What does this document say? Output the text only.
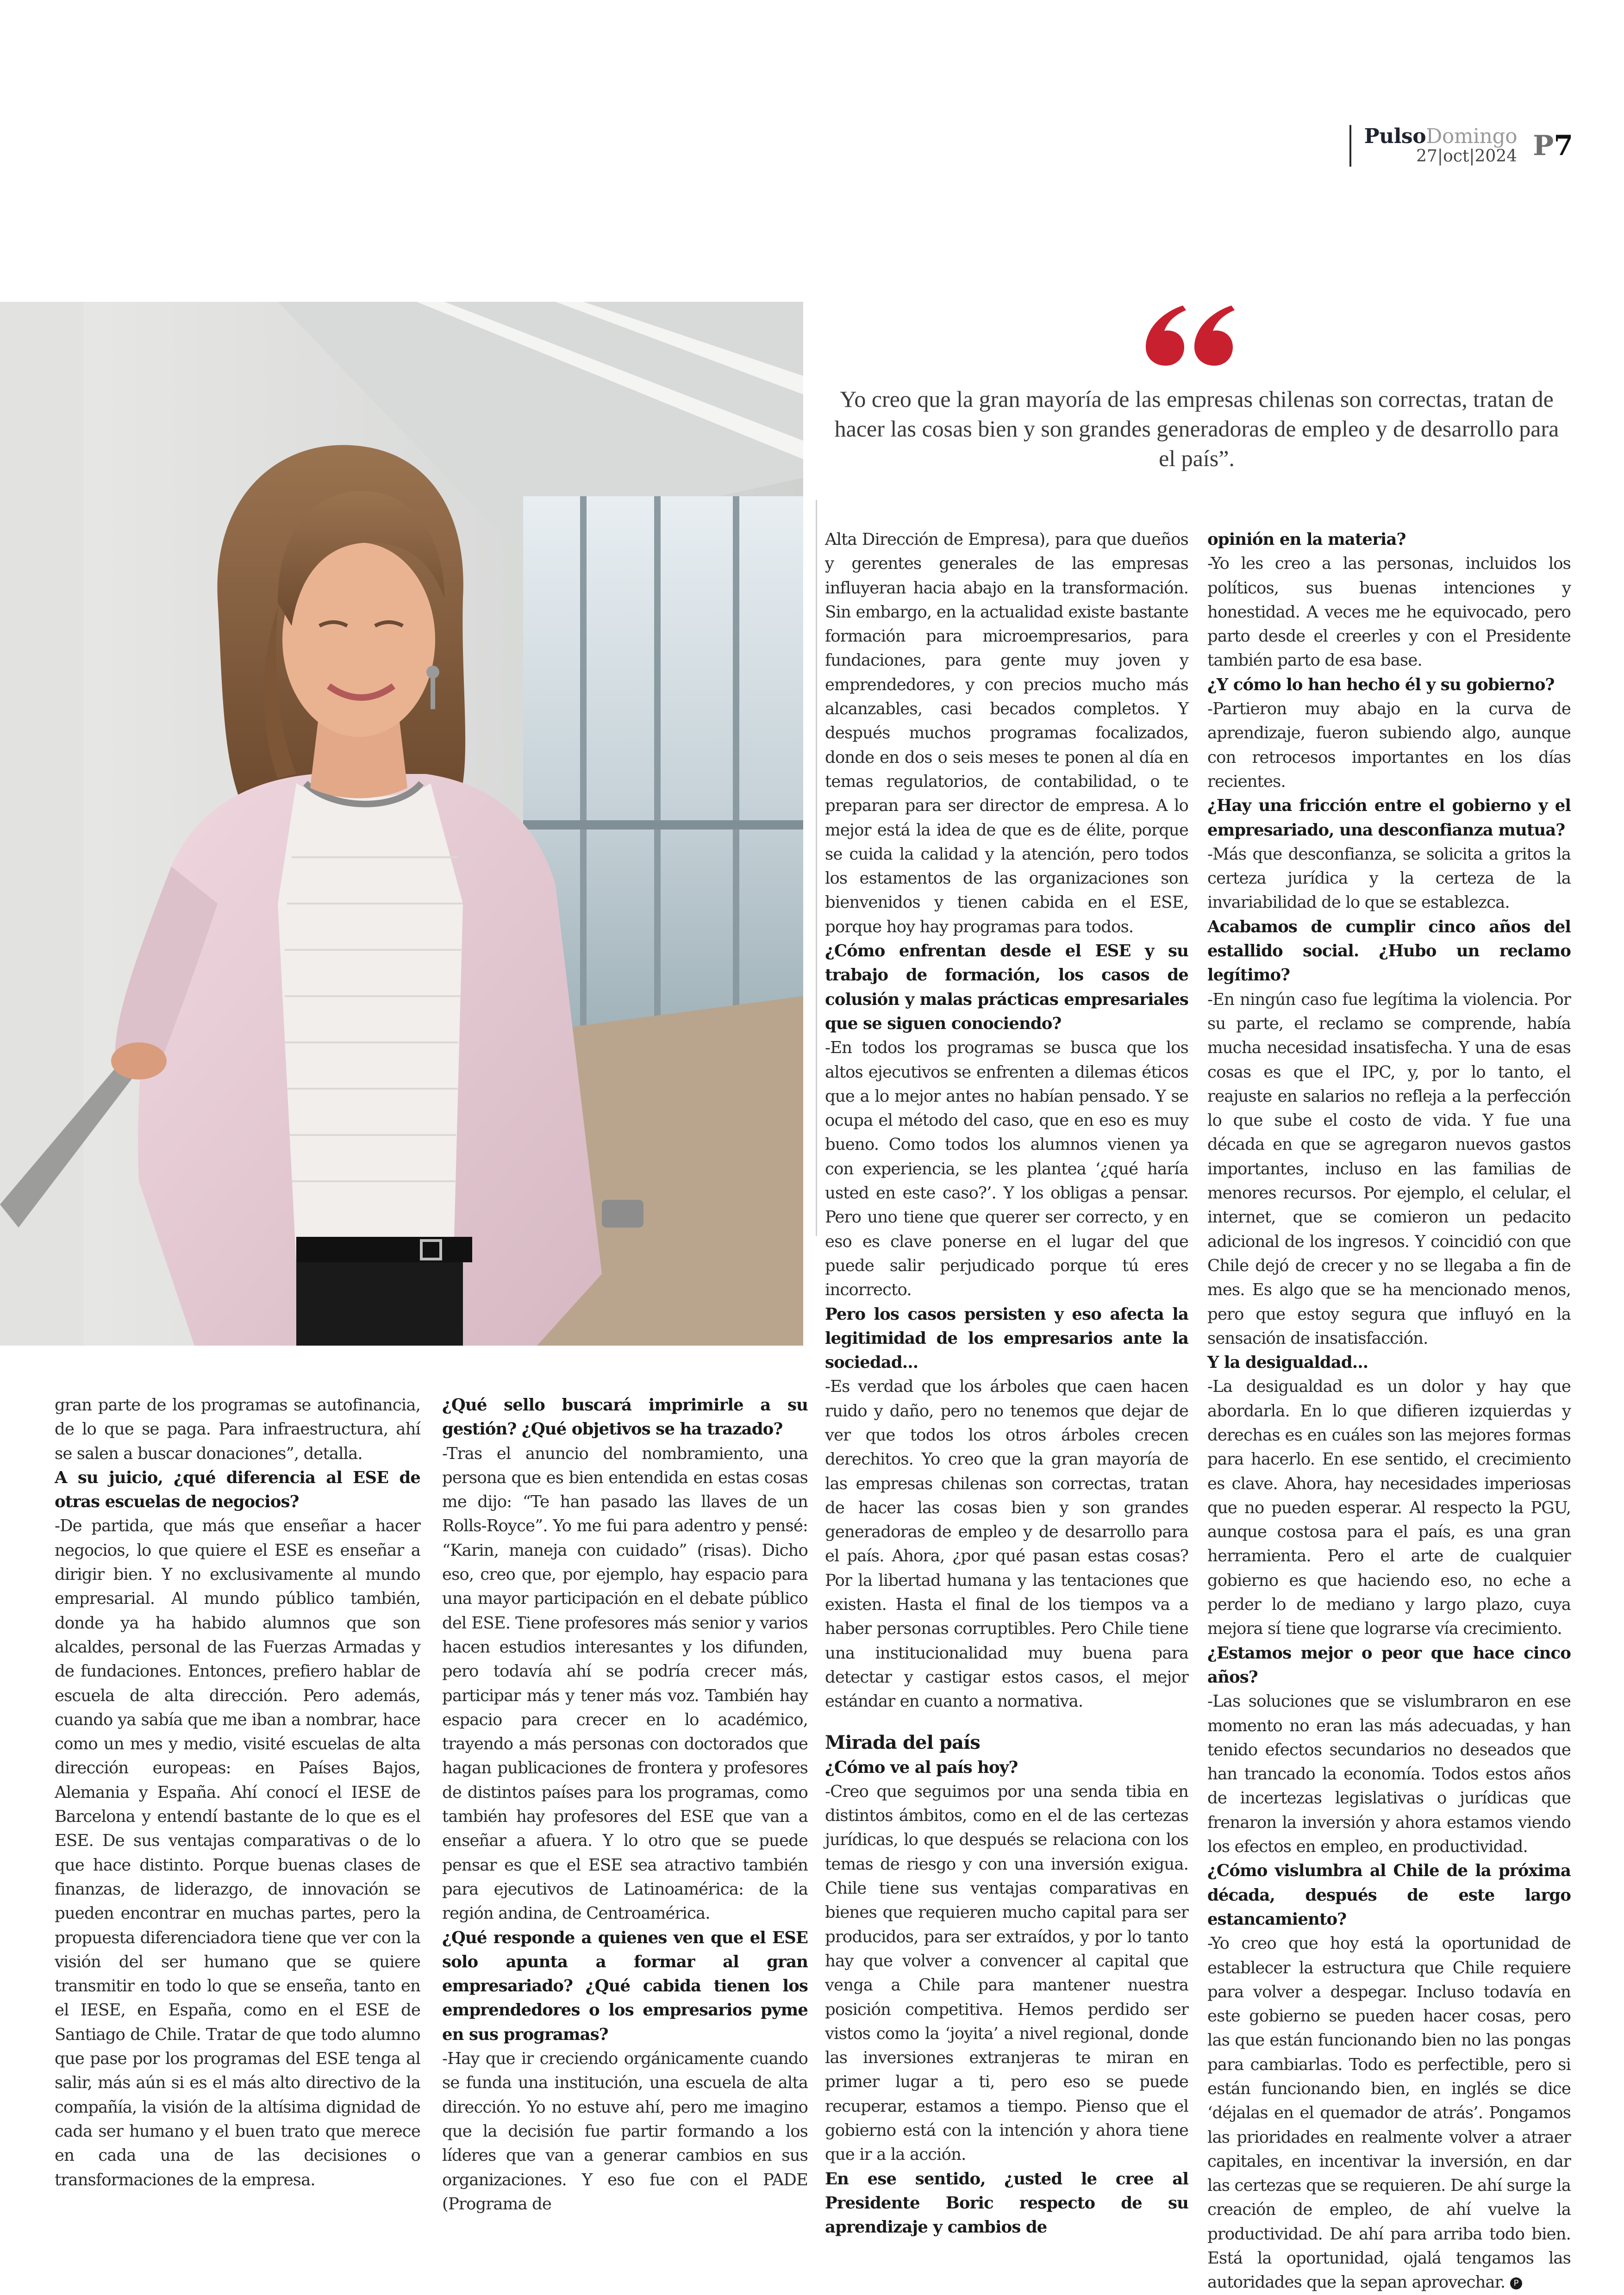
PulsoDomingo
27|oct|2024 P7
Yo creo que la gran mayoría de las empresas chilenas son correctas, tratan de hacer las cosas bien y son grandes generadoras de empleo y de desarrollo para el país”.

gran parte de los programas se autofinancia, de lo que se paga. Para infraestructura, ahí se salen a buscar donaciones”, detalla.

A su juicio, ¿qué diferencia al ESE de otras escuelas de negocios?

-De partida, que más que enseñar a hacer negocios, lo que quiere el ESE es enseñar a dirigir bien. Y no exclusivamente al mundo empresarial. Al mundo público también, donde ya ha habido alumnos que son alcaldes, personal de las Fuerzas Armadas y de fundaciones. Entonces, prefiero hablar de escuela de alta dirección. Pero además, cuando ya sabía que me iban a nombrar, hace como un mes y medio, visité escuelas de alta dirección europeas: en Países Bajos, Alemania y España. Ahí conocí el IESE de Barcelona y entendí bastante de lo que es el ESE. De sus ventajas comparativas o de lo que hace distinto. Porque buenas clases de finanzas, de liderazgo, de innovación se pueden encontrar en muchas partes, pero la propuesta diferenciadora tiene que ver con la visión del ser humano que se quiere transmitir en todo lo que se enseña, tanto en el IESE, en España, como en el ESE de Santiago de Chile. Tratar de que todo alumno que pase por los programas del ESE tenga al salir, más aún si es el más alto directivo de la compañía, la visión de la altísima dignidad de cada ser humano y el buen trato que merece en cada una de las decisiones o transformaciones de la empresa.

¿Qué sello buscará imprimirle a su gestión? ¿Qué objetivos se ha trazado?

-Tras el anuncio del nombramiento, una persona que es bien entendida en estas cosas me dijo: “Te han pasado las llaves de un Rolls-Royce”. Yo me fui para adentro y pensé: “Karin, maneja con cuidado” (risas). Dicho eso, creo que, por ejemplo, hay espacio para una mayor participación en el debate público del ESE. Tiene profesores más senior y varios hacen estudios interesantes y los difunden, pero todavía ahí se podría crecer más, participar más y tener más voz. También hay espacio para crecer en lo académico, trayendo a más personas con doctorados que hagan publicaciones de frontera y profesores de distintos países para los programas, como también hay profesores del ESE que van a enseñar a afuera. Y lo otro que se puede pensar es que el ESE sea atractivo también para ejecutivos de Latinoamérica: de la región andina, de Centroamérica.

¿Qué responde a quienes ven que el ESE solo apunta a formar al gran empresariado? ¿Qué cabida tienen los emprendedores o los empresarios pyme en sus programas?

-Hay que ir creciendo orgánicamente cuando se funda una institución, una escuela de alta dirección. Yo no estuve ahí, pero me imagino que la decisión fue partir formando a los líderes que van a generar cambios en sus organizaciones. Y eso fue con el PADE (Programa de

Alta Dirección de Empresa), para que dueños y gerentes generales de las empresas influyeran hacia abajo en la transformación. Sin embargo, en la actualidad existe bastante formación para microempresarios, para fundaciones, para gente muy joven y emprendedores, y con precios mucho más alcanzables, casi becados completos. Y después muchos programas focalizados, donde en dos o seis meses te ponen al día en temas regulatorios, de contabilidad, o te preparan para ser director de empresa. A lo mejor está la idea de que es de élite, porque se cuida la calidad y la atención, pero todos los estamentos de las organizaciones son bienvenidos y tienen cabida en el ESE, porque hoy hay programas para todos.

¿Cómo enfrentan desde el ESE y su trabajo de formación, los casos de colusión y malas prácticas empresariales que se siguen conociendo?

-En todos los programas se busca que los altos ejecutivos se enfrenten a dilemas éticos que a lo mejor antes no habían pensado. Y se ocupa el método del caso, que en eso es muy bueno. Como todos los alumnos vienen ya con experiencia, se les plantea ‘¿qué haría usted en este caso?’. Y los obligas a pensar. Pero uno tiene que querer ser correcto, y en eso es clave ponerse en el lugar del que puede salir perjudicado porque tú eres incorrecto.

Pero los casos persisten y eso afecta la legitimidad de los empresarios ante la sociedad...

-Es verdad que los árboles que caen hacen ruido y daño, pero no tenemos que dejar de ver que todos los otros árboles crecen derechitos. Yo creo que la gran mayoría de las empresas chilenas son correctas, tratan de hacer las cosas bien y son grandes generadoras de empleo y de desarrollo para el país. Ahora, ¿por qué pasan estas cosas? Por la libertad humana y las tentaciones que existen. Hasta el final de los tiempos va a haber personas corruptibles. Pero Chile tiene una institucionalidad muy buena para detectar y castigar estos casos, el mejor estándar en cuanto a normativa.

Mirada del país

¿Cómo ve al país hoy?

-Creo que seguimos por una senda tibia en distintos ámbitos, como en el de las certezas jurídicas, lo que después se relaciona con los temas de riesgo y con una inversión exigua. Chile tiene sus ventajas comparativas en bienes que requieren mucho capital para ser producidos, para ser extraídos, y por lo tanto hay que volver a convencer al capital que venga a Chile para mantener nuestra posición competitiva. Hemos perdido ser vistos como la ‘joyita’ a nivel regional, donde las inversiones extranjeras te miran en primer lugar a ti, pero eso se puede recuperar, estamos a tiempo. Pienso que el gobierno está con la intención y ahora tiene que ir a la acción.

En ese sentido, ¿usted le cree al Presidente Boric respecto de su aprendizaje y cambios de

opinión en la materia?

-Yo les creo a las personas, incluidos los políticos, sus buenas intenciones y honestidad. A veces me he equivocado, pero parto desde el creerles y con el Presidente también parto de esa base.

¿Y cómo lo han hecho él y su gobierno?

-Partieron muy abajo en la curva de aprendizaje, fueron subiendo algo, aunque con retrocesos importantes en los días recientes.

¿Hay una fricción entre el gobierno y el empresariado, una desconfianza mutua?

-Más que desconfianza, se solicita a gritos la certeza jurídica y la certeza de la invariabilidad de lo que se establezca.

Acabamos de cumplir cinco años del estallido social. ¿Hubo un reclamo legítimo?

-En ningún caso fue legítima la violencia. Por su parte, el reclamo se comprende, había mucha necesidad insatisfecha. Y una de esas cosas es que el IPC, y, por lo tanto, el reajuste en salarios no refleja a la perfección lo que sube el costo de vida. Y fue una década en que se agregaron nuevos gastos importantes, incluso en las familias de menores recursos. Por ejemplo, el celular, el internet, que se comieron un pedacito adicional de los ingresos. Y coincidió con que Chile dejó de crecer y no se llegaba a fin de mes. Es algo que se ha mencionado menos, pero que estoy segura que influyó en la sensación de insatisfacción.

Y la desigualdad...

-La desigualdad es un dolor y hay que abordarla. En lo que difieren izquierdas y derechas es en cuáles son las mejores formas para hacerlo. En ese sentido, el crecimiento es clave. Ahora, hay necesidades imperiosas que no pueden esperar. Al respecto la PGU, aunque costosa para el país, es una gran herramienta. Pero el arte de cualquier gobierno es que haciendo eso, no eche a perder lo de mediano y largo plazo, cuya mejora sí tiene que lograrse vía crecimiento.

¿Estamos mejor o peor que hace cinco años?

-Las soluciones que se vislumbraron en ese momento no eran las más adecuadas, y han tenido efectos secundarios no deseados que han trancado la economía. Todos estos años de incertezas legislativas o jurídicas que frenaron la inversión y ahora estamos viendo los efectos en empleo, en productividad.

¿Cómo vislumbra al Chile de la próxima década, después de este largo estancamiento?

-Yo creo que hoy está la oportunidad de establecer la estructura que Chile requiere para volver a despegar. Incluso todavía en este gobierno se pueden hacer cosas, pero las que están funcionando bien no las pongas para cambiarlas. Todo es perfectible, pero si están funcionando bien, en inglés se dice ‘déjalas en el quemador de atrás’. Pongamos las prioridades en realmente volver a atraer capitales, en incentivar la inversión, en dar las certezas que se requieren. De ahí surge la creación de empleo, de ahí vuelve la productividad. De ahí para arriba todo bien. Está la oportunidad, ojalá tengamos las autoridades que la sepan aprovechar. P
